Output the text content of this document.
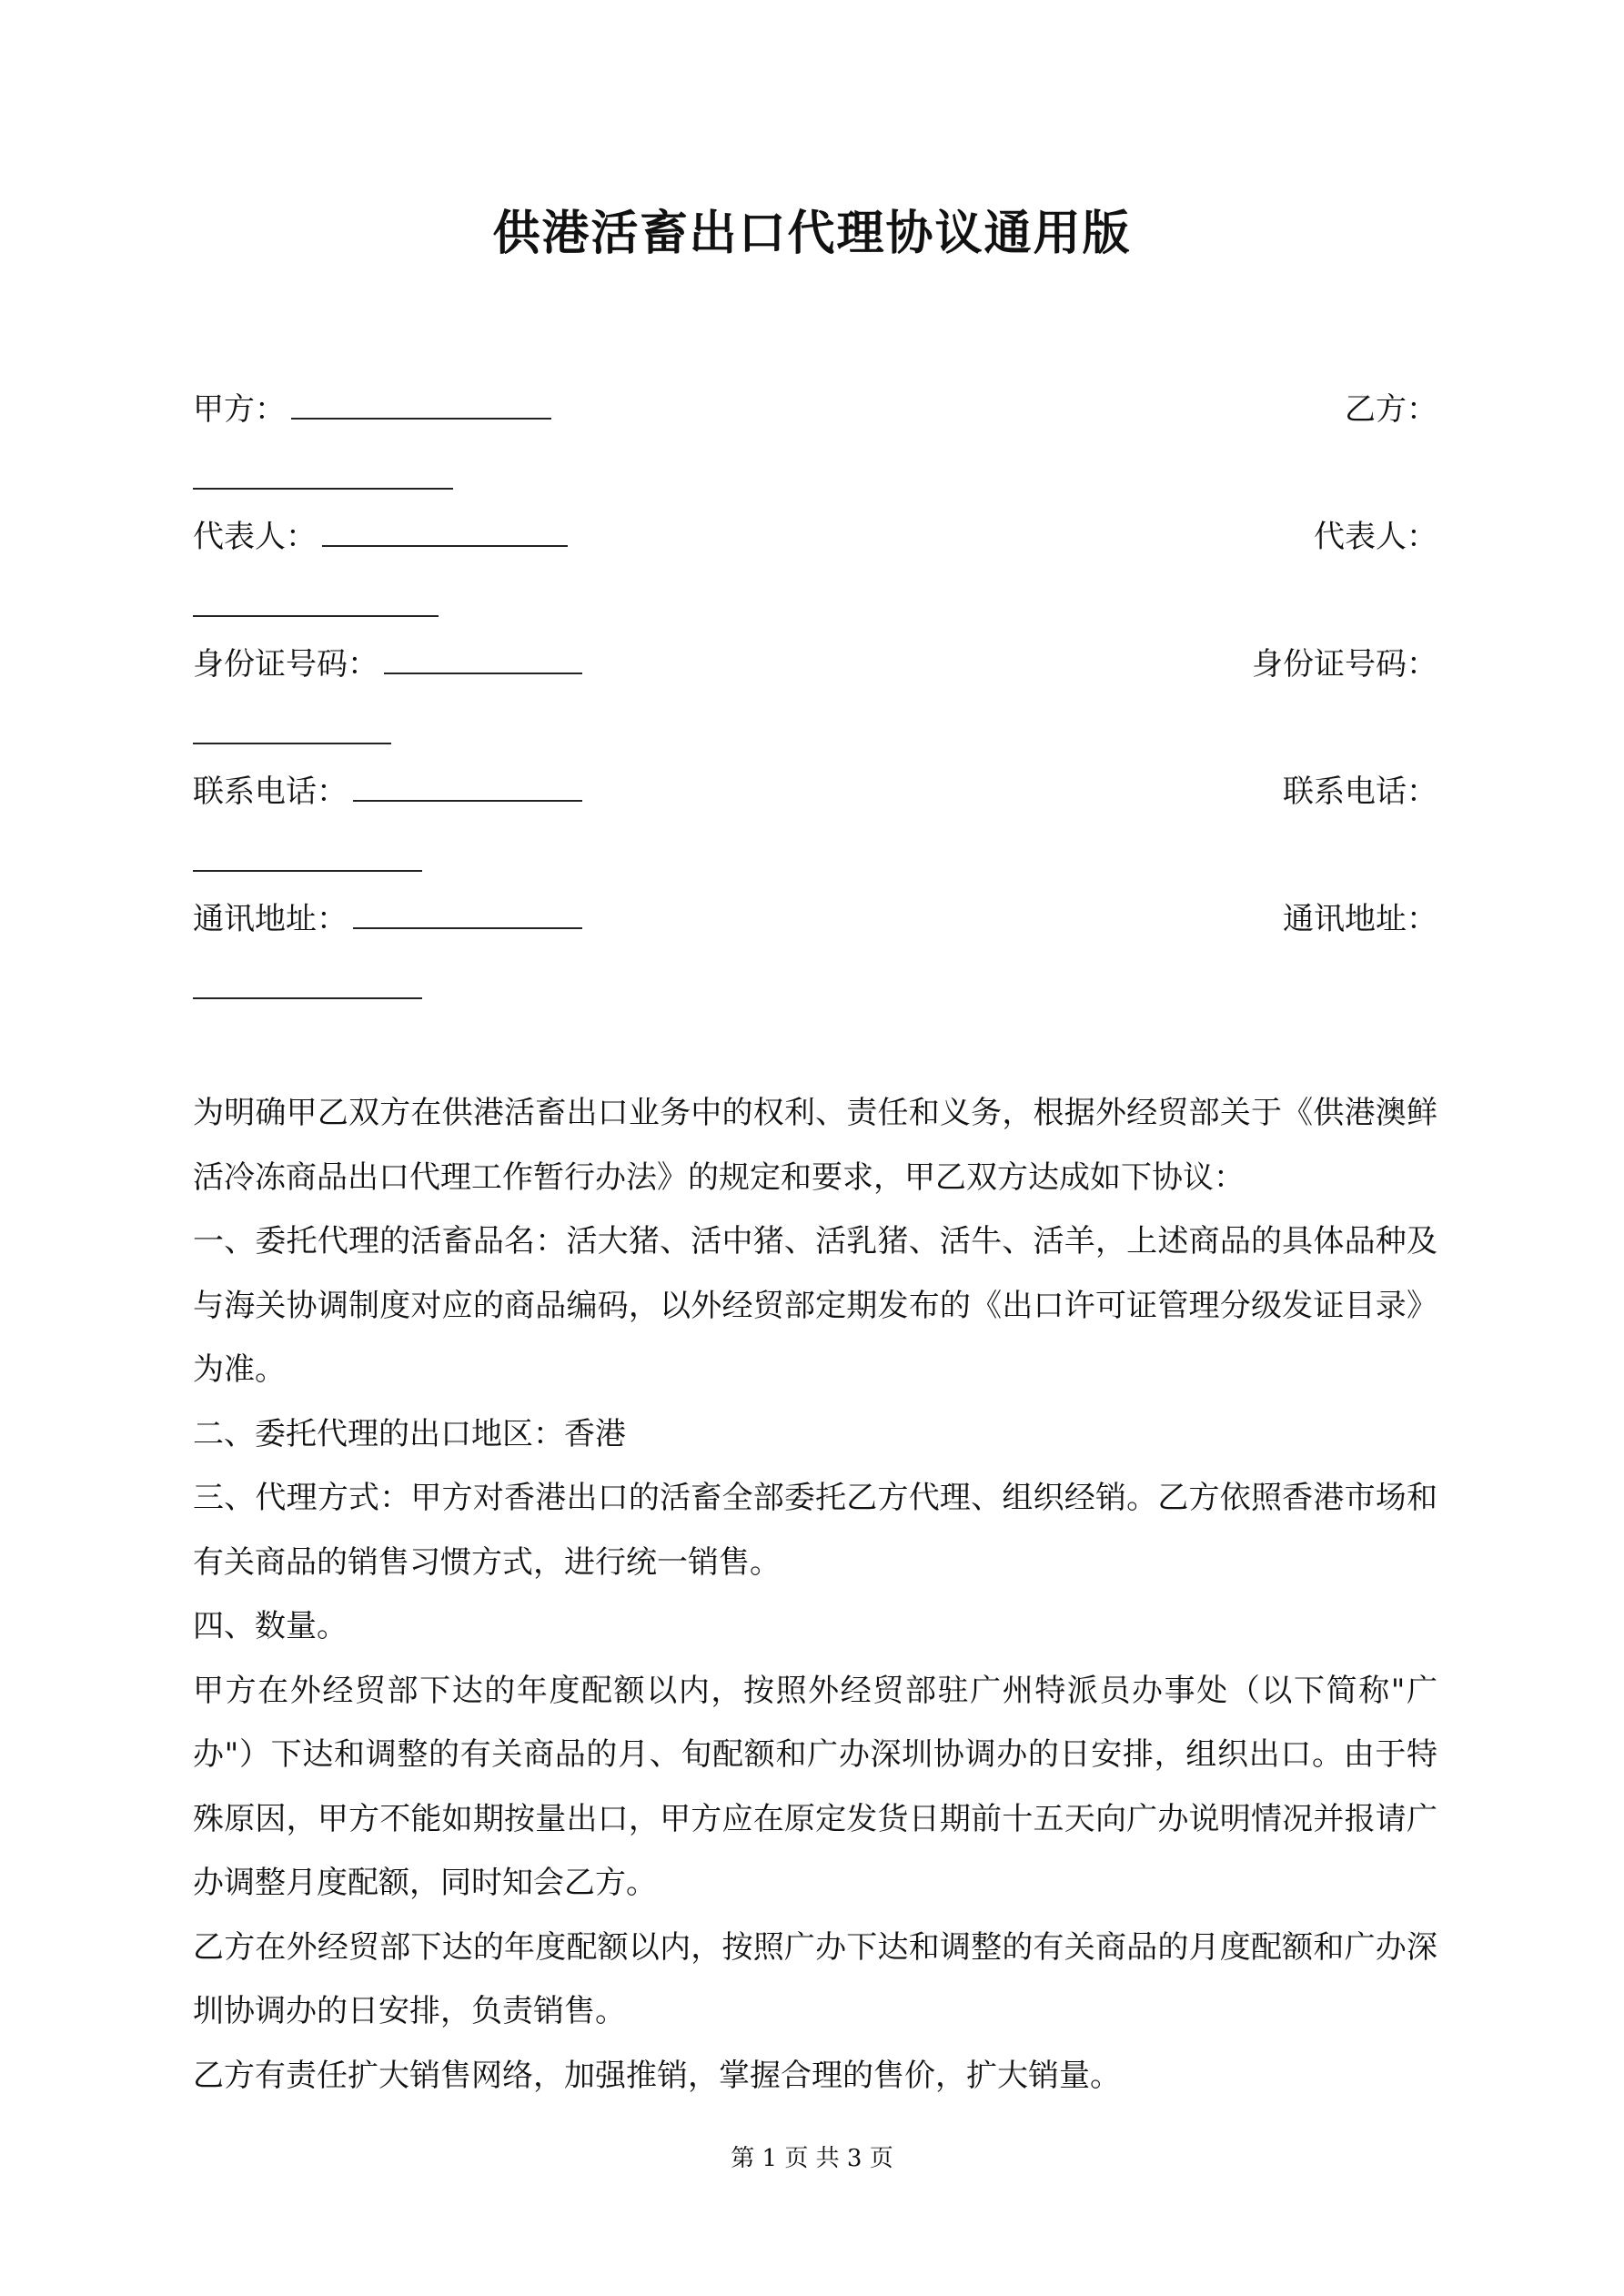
供港活畜出口代理协议通用版
甲方：	乙方：
代表人：	代表人：
身份证号码：	身份证号码：
联系电话：	联系电话：
通讯地址：	通讯地址：

为明确甲乙双方在供港活畜出口业务中的权利、责任和义务，根据外经贸部关于《供港澳鲜活冷冻商品出口代理工作暂行办法》的规定和要求，甲乙双方达成如下协议：

一、委托代理的活畜品名：活大猪、活中猪、活乳猪、活牛、活羊，上述商品的具体品种及与海关协调制度对应的商品编码，以外经贸部定期发布的《出口许可证管理分级发证目录》为准。

二、委托代理的出口地区：香港

三、代理方式：甲方对香港出口的活畜全部委托乙方代理、组织经销。乙方依照香港市场和有关商品的销售习惯方式，进行统一销售。

四、数量。

甲方在外经贸部下达的年度配额以内，按照外经贸部驻广州特派员办事处（以下简称"广办"）下达和调整的有关商品的月、旬配额和广办深圳协调办的日安排，组织出口。由于特殊原因，甲方不能如期按量出口，甲方应在原定发货日期前十五天向广办说明情况并报请广办调整月度配额，同时知会乙方。

乙方在外经贸部下达的年度配额以内，按照广办下达和调整的有关商品的月度配额和广办深圳协调办的日安排，负责销售。

乙方有责任扩大销售网络，加强推销，掌握合理的售价，扩大销量。

第 1 页 共 3 页
